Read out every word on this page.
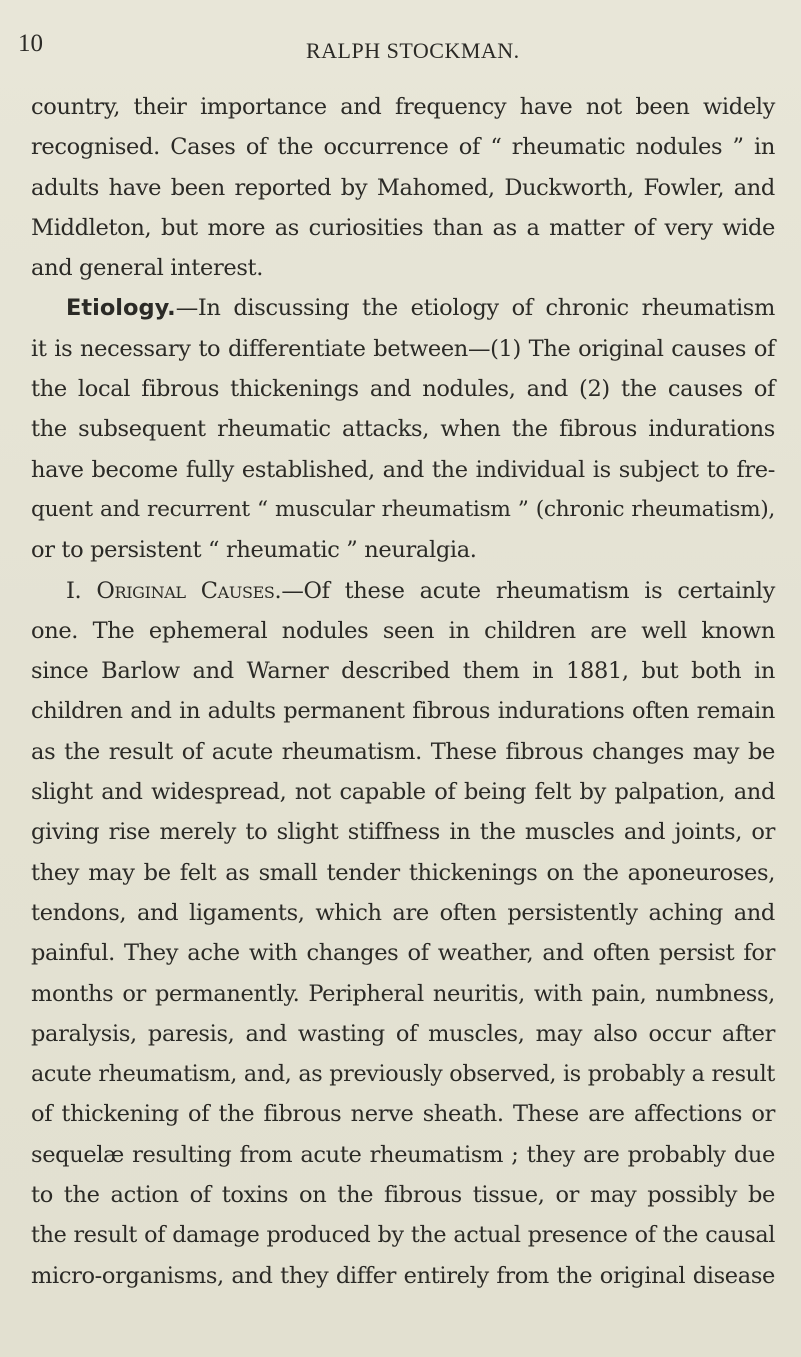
10	RALPH STOCKMAN.
country, their importance and frequency have not been widely
recognised. Cases of the occurrence of “ rheumatic nodules ” in
adults have been reported by Mahomed, Duckworth, Fowler, and
Middleton, but more as curiosities than as a matter of very wide
and general interest.
Etiology.—In discussing the etiology of chronic rheumatism
it is necessary to differentiate between—(1) The original causes of
the local fibrous thickenings and nodules, and (2) the causes of
the subsequent rheumatic attacks, when the fibrous indurations
have become fully established, and the individual is subject to fre-
quent and recurrent “ muscular rheumatism ” (chronic rheumatism),
or to persistent “ rheumatic ” neuralgia.
I. Original Causes.—Of these acute rheumatism is certainly
one. The ephemeral nodules seen in children are well known
since Barlow and Warner described them in 1881, but both in
children and in adults permanent fibrous indurations often remain
as the result of acute rheumatism. These fibrous changes may be
slight and widespread, not capable of being felt by palpation, and
giving rise merely to slight stiffness in the muscles and joints, or
they may be felt as small tender thickenings on the aponeuroses,
tendons, and ligaments, which are often persistently aching and
painful. They ache with changes of weather, and often persist for
months or permanently. Peripheral neuritis, with pain, numbness,
paralysis, paresis, and wasting of muscles, may also occur after
acute rheumatism, and, as previously observed, is probably a result
of thickening of the fibrous nerve sheath. These are affections or
sequelæ resulting from acute rheumatism ; they are probably due
to the action of toxins on the fibrous tissue, or may possibly be
the result of damage produced by the actual presence of the causal
micro-organisms, and they differ entirely from the original disease
